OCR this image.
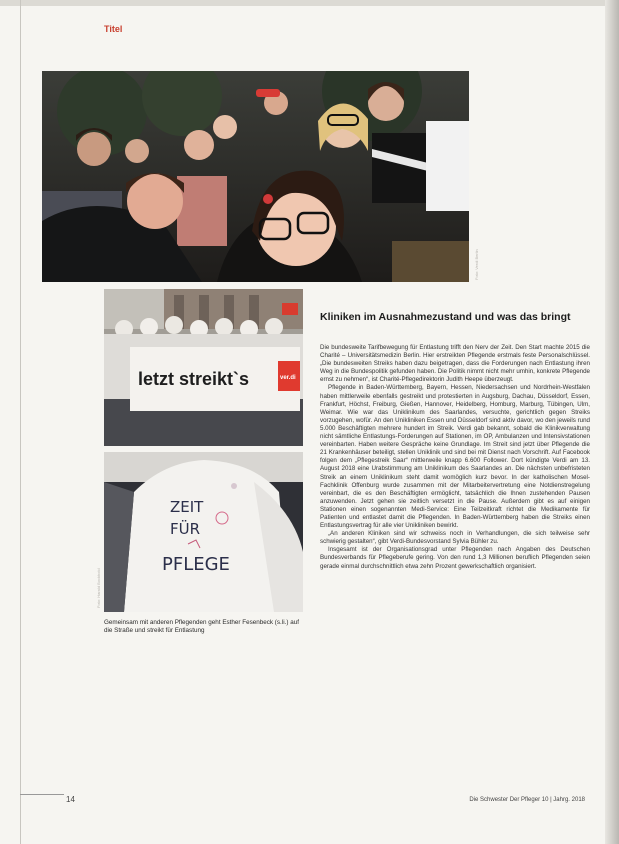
Titel
Foto: Verdi Berlin
letzt streikt`s	ver.di
ZEIT
FÜR
PFLEGE
Foto: Harald Bockhold
Gemeinsam mit anderen Pflegenden geht Esther Fesenbeck (s.li.) auf die Straße und streikt für Entlastung
Kliniken im Ausnahmezustand und was das bringt

Die bundesweite Tarifbewegung für Entlastung trifft den Nerv der Zeit. Den Start machte 2015 die Charité – Universitätsmedizin Berlin. Hier erstreikten Pflegende erstmals feste Personalschlüssel. „Die bundesweiten Streiks haben dazu beigetragen, dass die Forderungen nach Entlastung ihren Weg in die Bundespolitik gefunden haben. Die Politik nimmt nicht mehr umhin, konkrete Pflegende ernst zu nehmen“, ist Charité-Pflegedirektorin Judith Heepe überzeugt.

Pflegende in Baden-Württemberg, Bayern, Hessen, Niedersachsen und Nordrhein-Westfalen haben mittlerweile ebenfalls gestreikt und protestierten in Augsburg, Dachau, Düsseldorf, Essen, Frankfurt, Höchst, Freiburg, Gießen, Hannover, Heidelberg, Homburg, Marburg, Tübingen, Ulm, Weimar. Wie war das Uniklinikum des Saarlandes, versuchte, gerichtlich gegen Streiks vorzugehen, wofür. An den Unikliniken Essen und Düsseldorf sind aktiv davor, wo den jeweils rund 5.000 Beschäftigten mehrere hundert im Streik. Verdi gab bekannt, sobald die Klinikverwaltung nicht sämtliche Entlastungs-Forderungen auf Stationen, im OP, Ambulanzen und Intensivstationen vereinbarten. Haben weitere Gespräche keine Grundlage. Im Streit sind jetzt über Pflegende die 21 Krankenhäuser beteiligt, stellen Uniklinik und sind bei mit Dienst nach Vorschrift. Auf Facebook folgen dem „Pflegestreik Saar“ mittlerweile knapp 6.600 Follower. Dort kündigte Verdi am 13. August 2018 eine Urabstimmung am Uniklinikum des Saarlandes an. Die nächsten unbefristeten Streik an einem Uniklinikum steht damit womöglich kurz bevor. In der katholischen Mosel-Fachklinik Offenburg wurde zusammen mit der Mitarbeitervertretung eine Notdienstregelung vereinbart, die es den Beschäftigten ermöglicht, tatsächlich die Ihnen zustehenden Pausen anzuwenden. Jetzt gehen sie zeitlich versetzt in die Pause. Außerdem gibt es auf einigen Stationen einen sogenannten Medi-Service: Eine Teilzeitkraft richtet die Medikamente für Patienten und entlastet damit die Pflegenden. In Baden-Württemberg haben die Streiks einen Entlastungsvertrag für alle vier Unikliniken bewirkt.

„An anderen Kliniken sind wir schweiss noch in Verhandlungen, die sich teilweise sehr schwierig gestalten“, gibt Verdi-Bundesvorstand Sylvia Bühler zu.

Insgesamt ist der Organisationsgrad unter Pflegenden nach Angaben des Deutschen Bundesverbands für Pflegeberufe gering. Von den rund 1,3 Millionen beruflich Pflegenden seien gerade einmal durchschnittlich etwa zehn Prozent gewerkschaftlich organisiert.

14	Die Schwester Der Pfleger 10 | Jahrg. 2018
